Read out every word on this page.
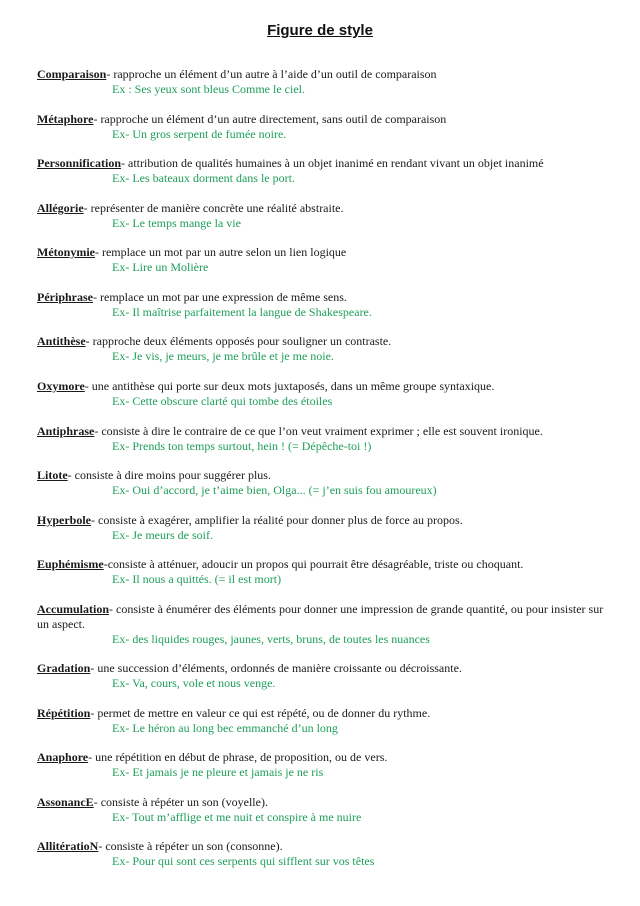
Figure de style
Comparaison- rapproche un élément d’un autre à l’aide d’un outil de comparaison
Ex : Ses yeux sont bleus Comme le ciel.
Métaphore- rapproche un élément d’un autre directement, sans outil de comparaison
Ex- Un gros serpent de fumée noire.
Personnification- attribution de qualités humaines à un objet inanimé en rendant vivant un objet inanimé
Ex- Les bateaux dorment dans le port.
Allégorie- représenter de manière concrète une réalité abstraite.
Ex- Le temps mange la vie
Métonymie- remplace un mot par un autre selon un lien logique
Ex- Lire un Molière
Périphrase- remplace un mot par une expression de même sens.
Ex- Il maîtrise parfaitement la langue de Shakespeare.
Antithèse- rapproche deux éléments opposés pour souligner un contraste.
Ex- Je vis, je meurs, je me brûle et je me noie.
Oxymore- une antithèse qui porte sur deux mots juxtaposés, dans un même groupe syntaxique.
Ex- Cette obscure clarté qui tombe des étoiles
Antiphrase- consiste à dire le contraire de ce que l’on veut vraiment exprimer ; elle est souvent ironique.
Ex- Prends ton temps surtout, hein ! (= Dépêche-toi !)
Litote- consiste à dire moins pour suggérer plus.
Ex- Oui d’accord, je t’aime bien, Olga... (= j’en suis fou amoureux)
Hyperbole- consiste à exagérer, amplifier la réalité pour donner plus de force au propos.
Ex- Je meurs de soif.
Euphémisme-consiste à atténuer, adoucir un propos qui pourrait être désagréable, triste ou choquant.
Ex- Il nous a quittés. (= il est mort)
Accumulation- consiste à énumérer des éléments pour donner une impression de grande quantité, ou pour insister sur un aspect.
Ex- des liquides rouges, jaunes, verts, bruns, de toutes les nuances
Gradation- une succession d’éléments, ordonnés de manière croissante ou décroissante.
Ex- Va, cours, vole et nous venge.
Répétition- permet de mettre en valeur ce qui est répété, ou de donner du rythme.
Ex- Le héron au long bec emmanché d’un long
Anaphore- une répétition en début de phrase, de proposition, ou de vers.
Ex- Et jamais je ne pleure et jamais je ne ris
AssonancE- consiste à répéter un son (voyelle).
Ex- Tout m’afflige et me nuit et conspire à me nuire
AllitératioN- consiste à répéter un son (consonne).
Ex- Pour qui sont ces serpents qui sifflent sur vos têtes
